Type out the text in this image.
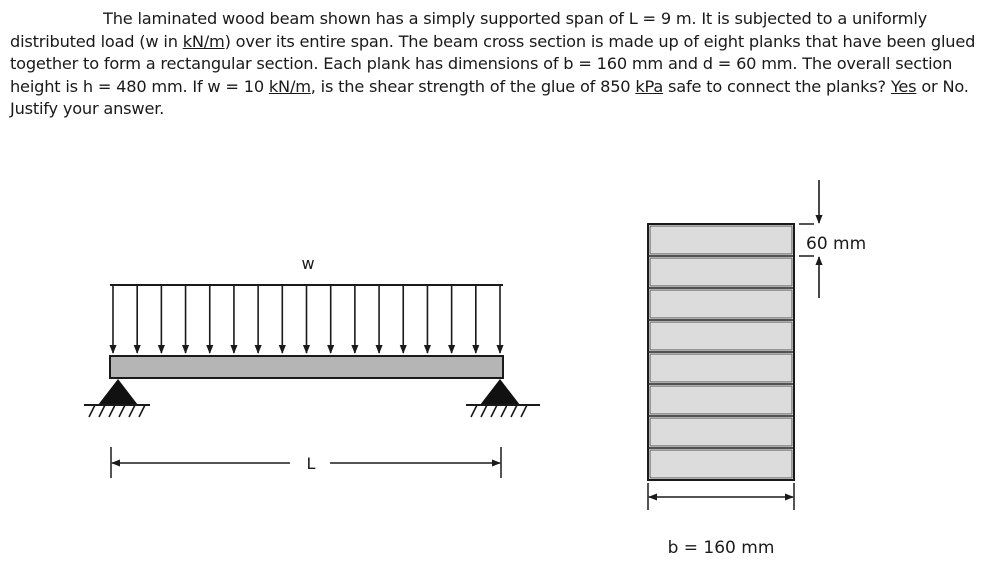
The laminated wood beam shown has a simply supported span of L = 9 m. It is subjected to a uniformly distributed load (w in kN/m) over its entire span. The beam cross section is made up of eight planks that have been glued together to form a rectangular section. Each plank has dimensions of b = 160 mm and d = 60 mm. The overall section height is h = 480 mm. If w = 10 kN/m, is the shear strength of the glue of 850 kPa safe to connect the planks? Yes or No. Justify your answer.

w
L
60 mm
b = 160 mm
